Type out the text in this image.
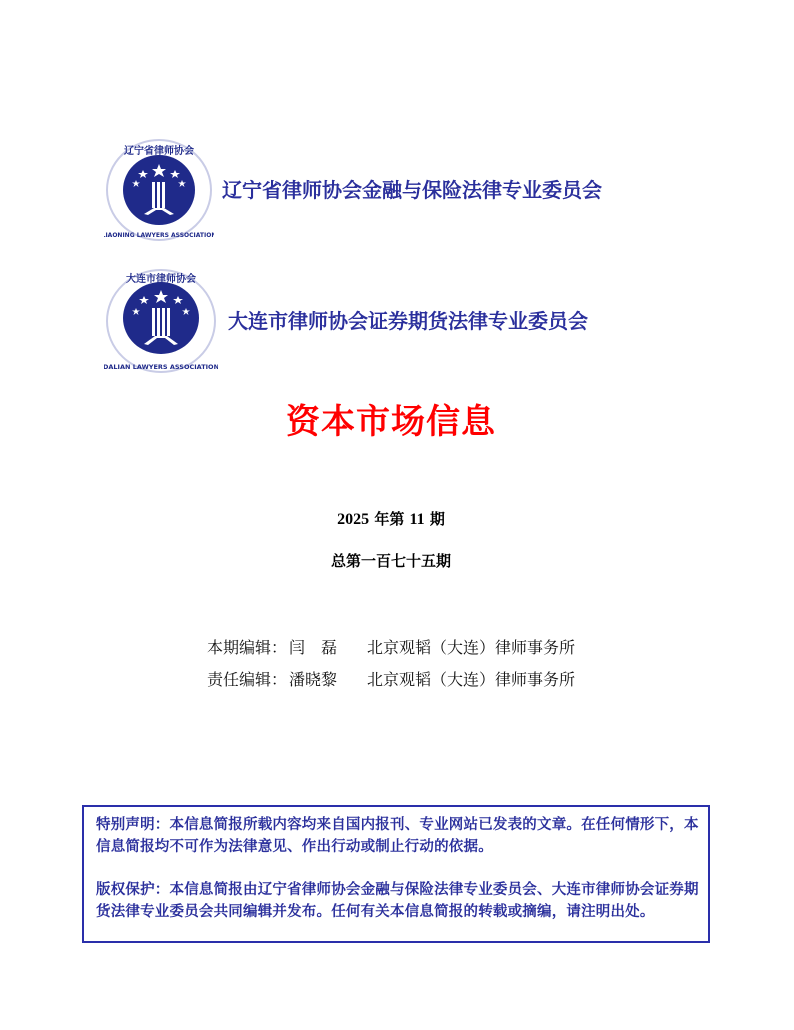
辽宁省律师协会
LIAONING LAWYERS ASSOCIATION
辽宁省律师协会金融与保险法律专业委员会
大连市律师协会
DALIAN LAWYERS ASSOCIATION
大连市律师协会证券期货法律专业委员会
资本市场信息
2025 年第 11 期
总第一百七十五期
本期编辑： 闫　磊 北京观韬（大连）律师事务所
责任编辑： 潘晓黎 北京观韬（大连）律师事务所
特别声明：本信息简报所载内容均来自国内报刊、专业网站已发表的文章。在任何情形下，本
信息简报均不可作为法律意见、作出行动或制止行动的依据。
版权保护：本信息简报由辽宁省律师协会金融与保险法律专业委员会、大连市律师协会证券期
货法律专业委员会共同编辑并发布。任何有关本信息简报的转载或摘编，请注明出处。
